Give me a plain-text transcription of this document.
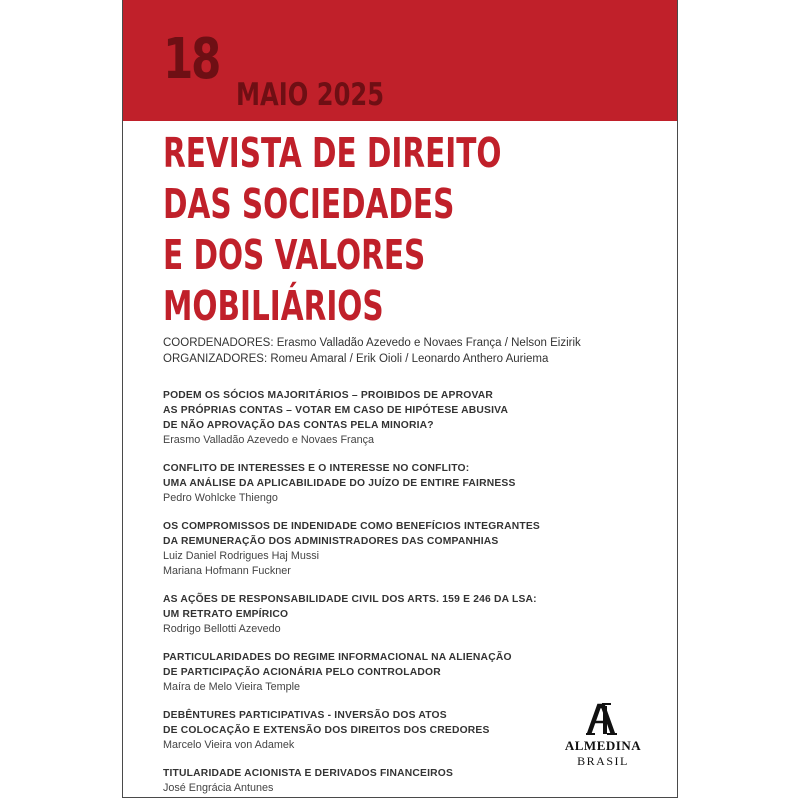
18
MAIO 2025
REVISTA DE DIREITO
DAS SOCIEDADES
E DOS VALORES
MOBILIÁRIOS
COORDENADORES: Erasmo Valladão Azevedo e Novaes França / Nelson Eizirik
ORGANIZADORES: Romeu Amaral / Erik Oioli / Leonardo Anthero Auriema
PODEM OS SÓCIOS MAJORITÁRIOS – PROIBIDOS DE APROVAR
AS PRÓPRIAS CONTAS – VOTAR EM CASO DE HIPÓTESE ABUSIVA
DE NÃO APROVAÇÃO DAS CONTAS PELA MINORIA?
Erasmo Valladão Azevedo e Novaes França
CONFLITO DE INTERESSES E O INTERESSE NO CONFLITO:
UMA ANÁLISE DA APLICABILIDADE DO JUÍZO DE ENTIRE FAIRNESS
Pedro Wohlcke Thiengo
OS COMPROMISSOS DE INDENIDADE COMO BENEFÍCIOS INTEGRANTES
DA REMUNERAÇÃO DOS ADMINISTRADORES DAS COMPANHIAS
Luiz Daniel Rodrigues Haj Mussi
Mariana Hofmann Fuckner
AS AÇÕES DE RESPONSABILIDADE CIVIL DOS ARTS. 159 E 246 DA LSA:
UM RETRATO EMPÍRICO
Rodrigo Bellotti Azevedo
PARTICULARIDADES DO REGIME INFORMACIONAL NA ALIENAÇÃO
DE PARTICIPAÇÃO ACIONÁRIA PELO CONTROLADOR
Maíra de Melo Vieira Temple
DEBÊNTURES PARTICIPATIVAS - INVERSÃO DOS ATOS
DE COLOCAÇÃO E EXTENSÃO DOS DIREITOS DOS CREDORES
Marcelo Vieira von Adamek
TITULARIDADE ACIONISTA E DERIVADOS FINANCEIROS
José Engrácia Antunes
ALMEDINA
BRASIL
